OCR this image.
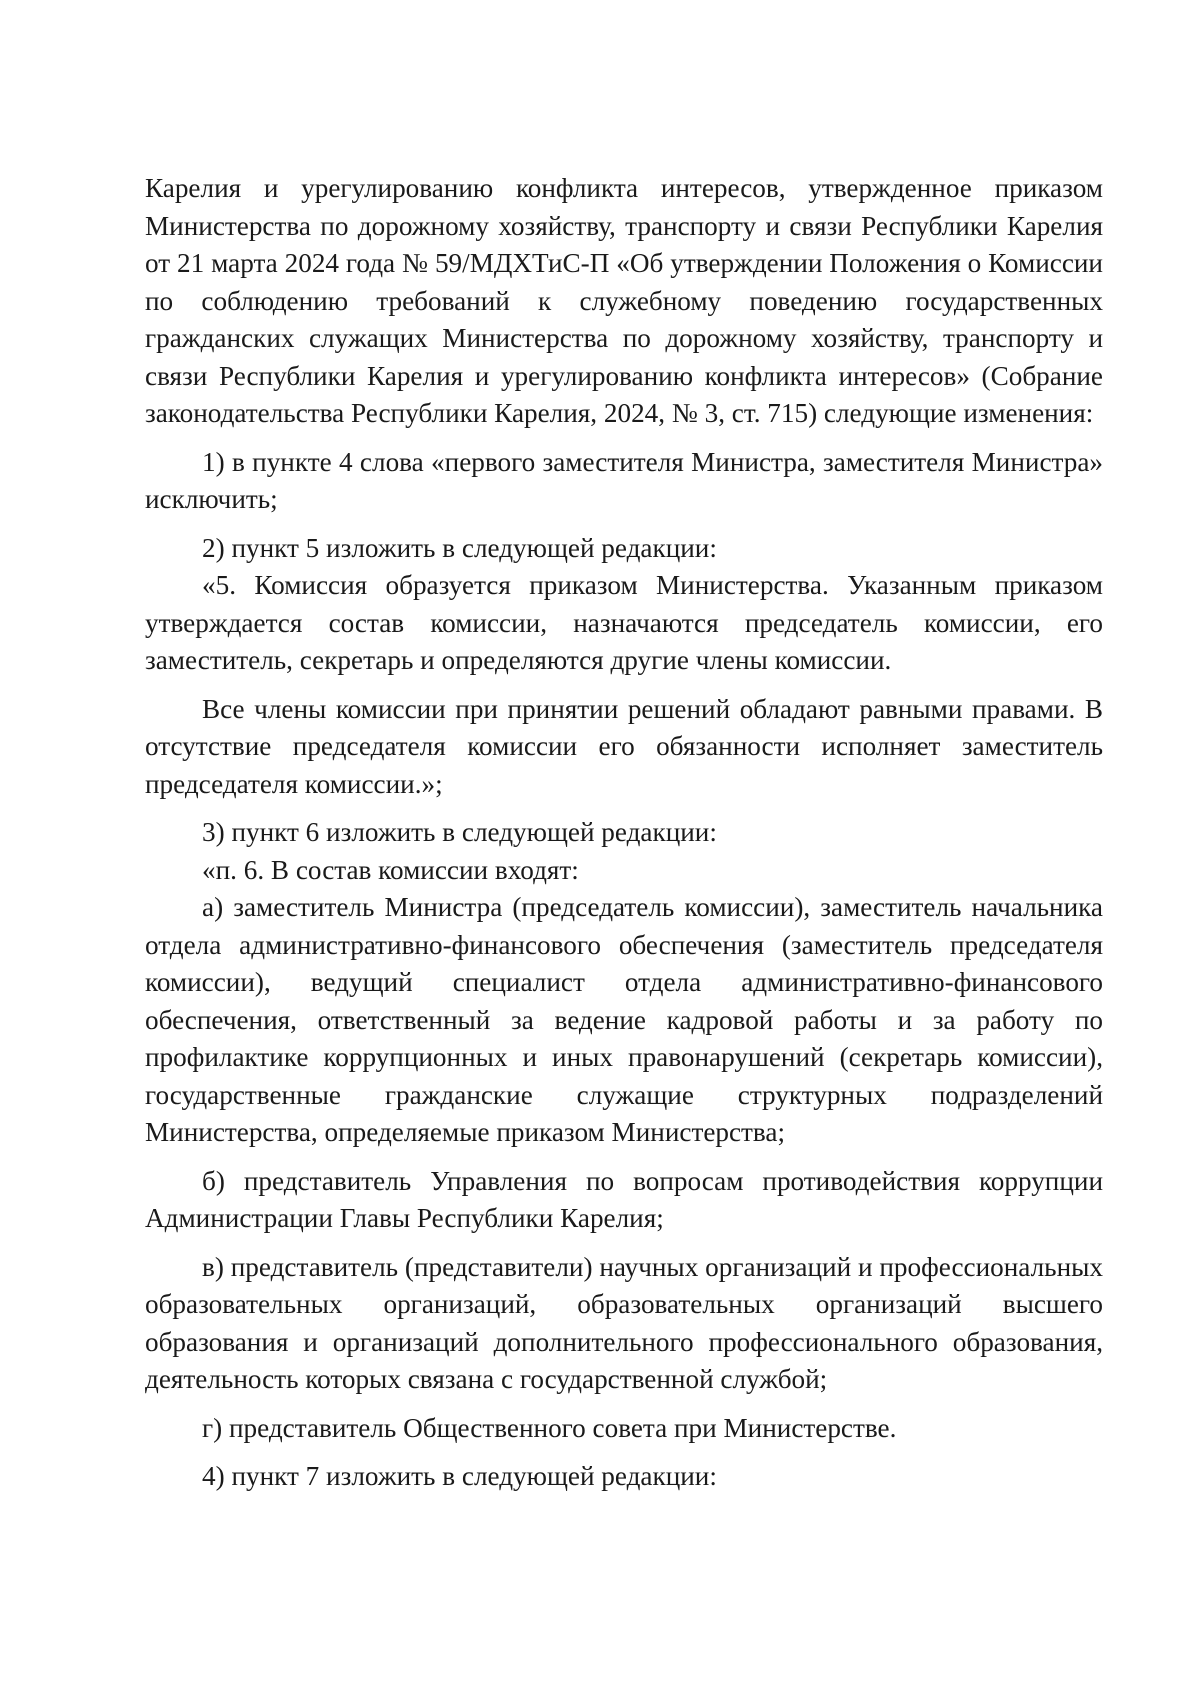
Карелия и урегулированию конфликта интересов, утвержденное приказом Министерства по дорожному хозяйству, транспорту и связи Республики Карелия от 21 марта 2024 года № 59/МДХТиС-П «Об утверждении Положения о Комиссии по соблюдению требований к служебному поведению государственных гражданских служащих Министерства по дорожному хозяйству, транспорту и связи Республики Карелия и урегулированию конфликта интересов» (Собрание законодательства Республики Карелия, 2024, № 3, ст. 715) следующие изменения:

1) в пункте 4 слова «первого заместителя Министра, заместителя Министра» исключить;

2) пункт 5 изложить в следующей редакции:

«5. Комиссия образуется приказом Министерства. Указанным приказом утверждается состав комиссии, назначаются председатель комиссии, его заместитель, секретарь и определяются другие члены комиссии.

Все члены комиссии при принятии решений обладают равными правами. В отсутствие председателя комиссии его обязанности исполняет заместитель председателя комиссии.»;

3) пункт 6 изложить в следующей редакции:

«п. 6. В состав комиссии входят:

а) заместитель Министра (председатель комиссии), заместитель начальника отдела административно-финансового обеспечения (заместитель председателя комиссии), ведущий специалист отдела административно-финансового обеспечения, ответственный за ведение кадровой работы и за работу по профилактике коррупционных и иных правонарушений (секретарь комиссии), государственные гражданские служащие структурных подразделений Министерства, определяемые приказом Министерства;

б) представитель Управления по вопросам противодействия коррупции Администрации Главы Республики Карелия;

в) представитель (представители) научных организаций и профессиональных образовательных организаций, образовательных организаций высшего образования и организаций дополнительного профессионального образования, деятельность которых связана с государственной службой;

г) представитель Общественного совета при Министерстве.

4) пункт 7 изложить в следующей редакции:
